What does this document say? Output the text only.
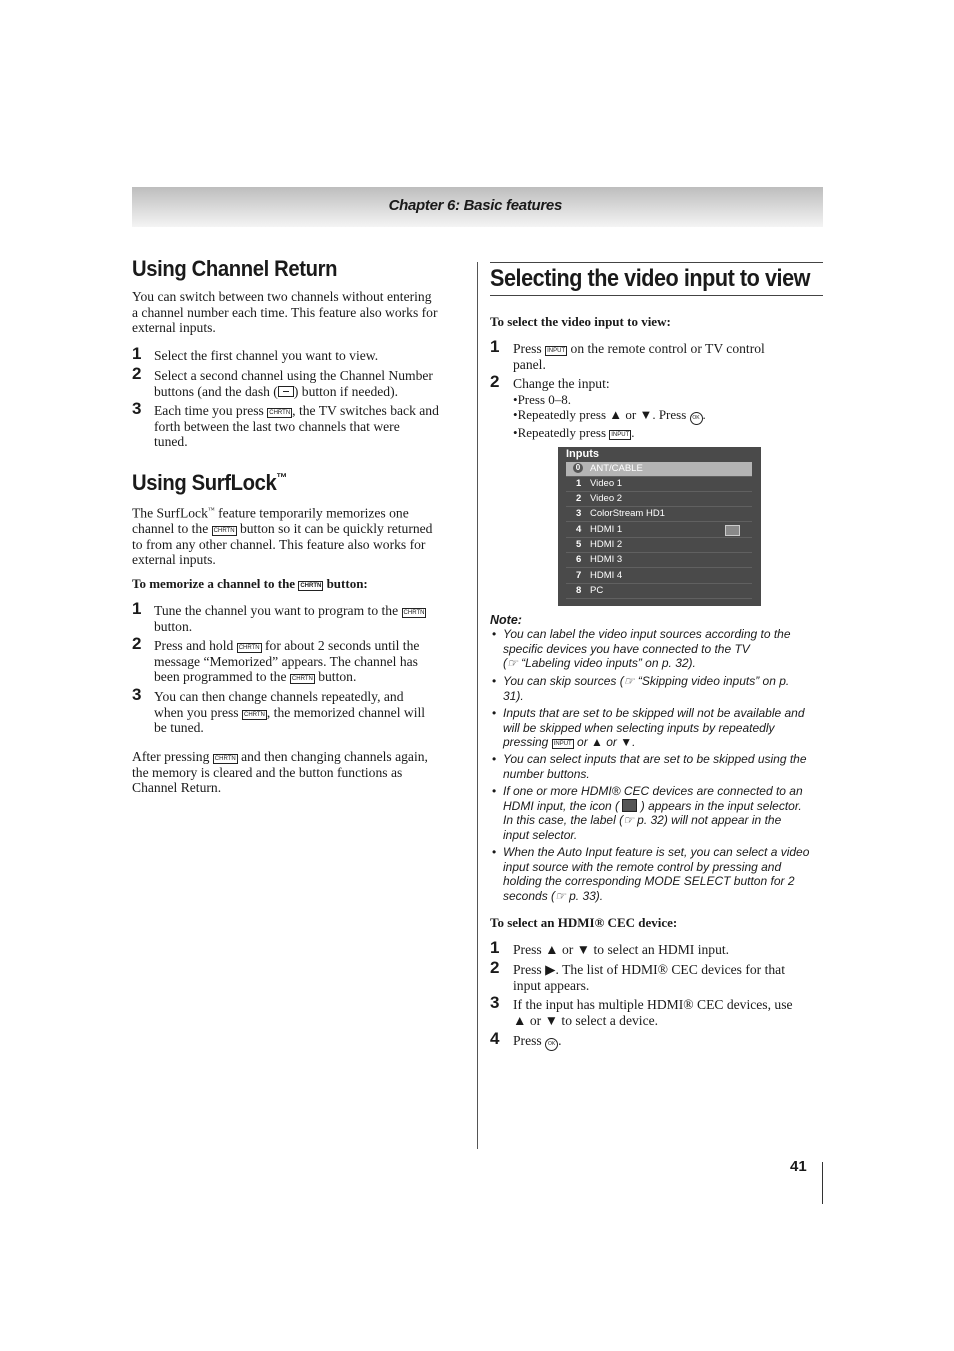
Chapter 6: Basic features
Using Channel Return
You can switch between two channels without entering
a channel number each time. This feature also works for
external inputs.
1 Select the first channel you want to view.
2 Select a second channel using the Channel Number
buttons (and the dash ( ) button if needed).
3 Each time you press CHRTN , the TV switches back and
forth between the last two channels that were
tuned.
Using SurfLock™
The SurfLock™ feature temporarily memorizes one
channel to the CHRTN button so it can be quickly returned
to from any other channel. This feature also works for
external inputs.
To memorize a channel to the CHRTN button:
1 Tune the channel you want to program to the CHRTN
button.
2 Press and hold CHRTN for about 2 seconds until the
message “Memorized” appears. The channel has
been programmed to the CHRTN button.
3 You can then change channels repeatedly, and
when you press CHRTN , the memorized channel will
be tuned.
After pressing CHRTN and then changing channels again,
the memory is cleared and the button functions as
Channel Return.
Selecting the video input to view
To select the video input to view:
1 Press INPUT on the remote control or TV control
panel.
2 Change the input:
•Press 0–8.
•Repeatedly press ▲ or ▼. Press OK .
•Repeatedly press INPUT .
Inputs
0 ANT/CABLE
1 Video 1
2 Video 2
3 ColorStream HD1
4 HDMI 1
5 HDMI 2
6 HDMI 3
7 HDMI 4
8 PC
Note:
• You can label the video input sources according to the
specific devices you have connected to the TV
(☞ “Labeling video inputs” on p. 32).
• You can skip sources (☞ “Skipping video inputs” on p.
31).
• Inputs that are set to be skipped will not be available and
will be skipped when selecting inputs by repeatedly
pressing INPUT or ▲ or ▼.
• You can select inputs that are set to be skipped using the
number buttons.
• If one or more HDMI® CEC devices are connected to an
HDMI input, the icon ( ) appears in the input selector.
In this case, the label (☞ p. 32) will not appear in the
input selector.
• When the Auto Input feature is set, you can select a video
input source with the remote control by pressing and
holding the corresponding MODE SELECT button for 2
seconds (☞ p. 33).
To select an HDMI® CEC device:
1 Press ▲ or ▼ to select an HDMI input.
2 Press ▶. The list of HDMI® CEC devices for that
input appears.
3 If the input has multiple HDMI® CEC devices, use
▲ or ▼ to select a device.
4 Press OK .
41
